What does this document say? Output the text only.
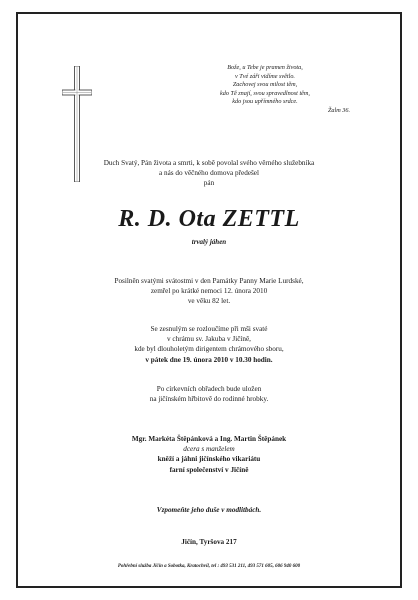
Bože, u Tebe je pramen života,
v Tvé záři vidíme světlo.
Zachovej svou milost těm,
kdo Tě znají, svou spravedlnost těm,
kdo jsou upřímného srdce.
Žalm 36.
Duch Svatý, Pán života a smrti, k sobě povolal svého věrného služebníka
a nás do věčného domova předešel
pán
R. D. Ota ZETTL
trvalý jáhen
Posilněn svatými svátostmi v den Památky Panny Marie Lurdské,
zemřel po krátké nemoci 12. února 2010
ve věku 82 let.
Se zesnulým se rozloučíme při mši svaté
v chrámu sv. Jakuba v Jičíně,
kde byl dlouholetým dirigentem chrámového sboru,
v pátek dne 19. února 2010 v 10.30 hodin.
Po církevních obřadech bude uložen
na jičínském hřbitově do rodinné hrobky.
Mgr. Markéta Štěpánková a Ing. Martin Štěpánek
dcera s manželem
kněží a jáhni jičínského vikariátu
farní společenství v Jičíně
Vzpomeňte jeho duše v modlitbách.
Jičín, Tyršova 217
Pohřební služba Jičín a Sobotka, Kratochvíl, tel : 493 531 211, 493 571 605, 606 940 600
